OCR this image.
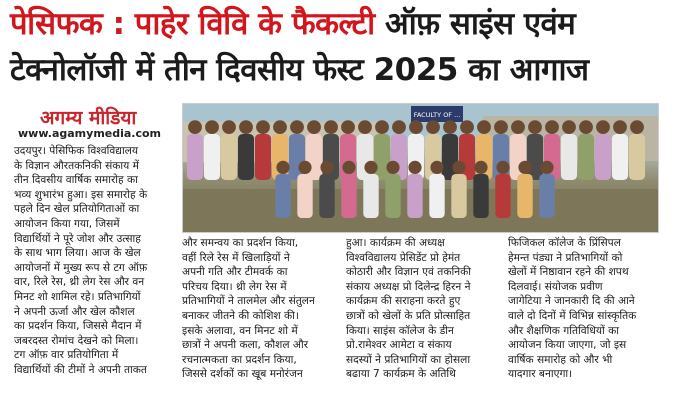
पेसिफक : पाहेर विवि के फैकल्टी ऑफ़ साइंस एवंम
टेक्नोलॉजी में तीन दिवसीय फेस्ट 2025 का आगाज
अगम्य मीडिया
www.agamymedia.com
FACULTY OF ...
उदयपुर। पेसिफिक विश्वविद्यालय
के विज्ञान औरतकनिकी संकाय में
तीन दिवसीय वार्षिक समारोह का
भव्य शुभारंभ हुआ। इस समारोह के
पहले दिन खेल प्रतियोगिताओं का
आयोजन किया गया, जिसमें
विद्यार्थियों ने पूरे जोश और उत्साह
के साथ भाग लिया। आज के खेल
आयोजनों में मुख्य रूप से टग ऑफ़
वार, रिले रेस, थ्री लेग रेस और वन
मिनट शो शामिल रहे। प्रतिभागियों
ने अपनी ऊर्जा और खेल कौशल
का प्रदर्शन किया, जिससे मैदान में
जबरदस्त रोमांच देखने को मिला।
टग ऑफ़ वार प्रतियोगिता में
विद्यार्थियों की टीमों ने अपनी ताकत
और समन्वय का प्रदर्शन किया,
वहीं रिले रेस में खिलाड़ियों ने
अपनी गति और टीमवर्क का
परिचय दिया। थ्री लेग रेस में
प्रतिभागियों ने तालमेल और संतुलन
बनाकर जीतने की कोशिश की।
इसके अलावा, वन मिनट शो में
छात्रों ने अपनी कला, कौशल और
रचनात्मकता का प्रदर्शन किया,
जिससे दर्शकों का खूब मनोरंजन
हुआ। कार्यक्रम की अध्यक्ष
विश्वविद्यालय प्रेसिडेंट प्रो हेमंत
कोठारी और विज्ञान एवं तकनिकी
संकाय अध्यक्ष प्रो दिलेन्द्र हिरन ने
कार्यक्रम की सराहना करते हुए
छात्रों को खेलों के प्रति प्रोत्साहित
किया। साइंस कॉलेज के डीन
प्रो.रामेश्वर आमेटा व संकाय
सदस्यों ने प्रतिभागियों का होसला
बढाया 7 कार्यक्रम के अतिथि
फिजिकल कॉलेज के प्रिंसिपल
हेमन्त पंड्या ने प्रतिभागियों को
खेलों में निष्ठावान रहने की शपथ
दिलवाई। संयोजक प्रवीण
जागेटिया ने जानकारी दि की आने
वाले दो दिनों में विभिन्न सांस्कृतिक
और शैक्षणिक गतिविधियों का
आयोजन किया जाएगा, जो इस
वार्षिक समारोह को और भी
यादगार बनाएगा।
